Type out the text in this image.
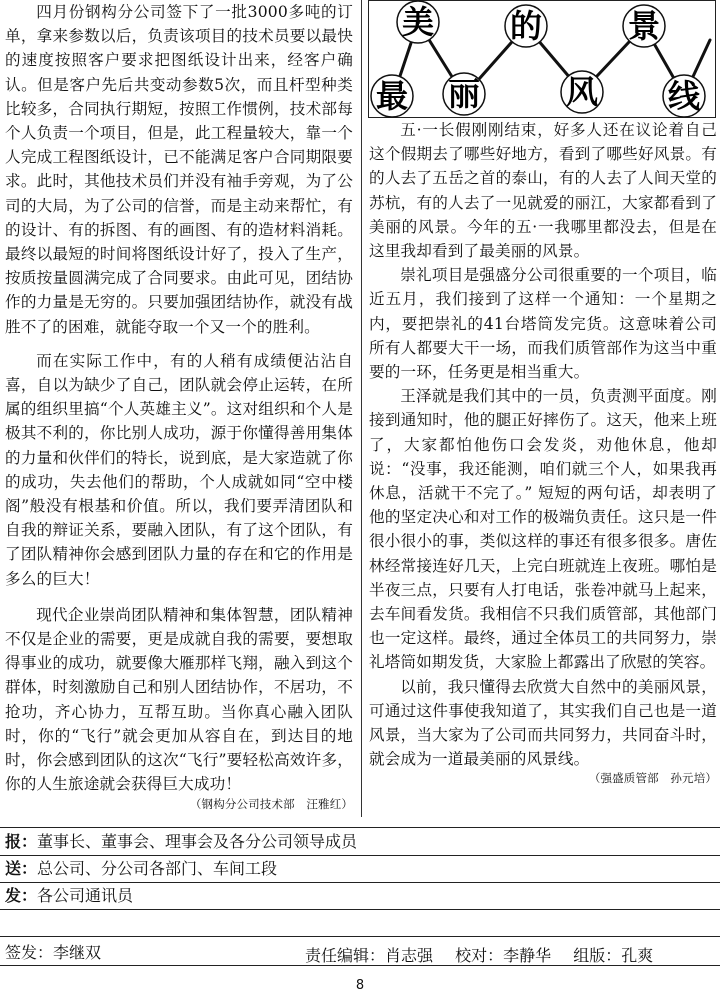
四月份钢构分公司签下了一批3000多吨的订单，拿来参数以后，负责该项目的技术员要以最快的速度按照客户要求把图纸设计出来，经客户确认。但是客户先后共变动参数5次，而且杆型种类比较多，合同执行期短，按照工作惯例，技术部每个人负责一个项目，但是，此工程量较大，靠一个人完成工程图纸设计，已不能满足客户合同期限要求。此时，其他技术员们并没有袖手旁观，为了公司的大局，为了公司的信誉，而是主动来帮忙，有的设计、有的拆图、有的画图、有的造材料消耗。最终以最短的时间将图纸设计好了，投入了生产，按质按量圆满完成了合同要求。由此可见，团结协作的力量是无穷的。只要加强团结协作，就没有战胜不了的困难，就能夺取一个又一个的胜利。

而在实际工作中，有的人稍有成绩便沾沾自喜，自以为缺少了自己，团队就会停止运转，在所属的组织里搞“个人英雄主义”。这对组织和个人是极其不利的，你比别人成功，源于你懂得善用集体的力量和伙伴们的特长，说到底，是大家造就了你的成功，失去他们的帮助，个人成就如同“空中楼阁”般没有根基和价值。所以，我们要弄清团队和自我的辩证关系，要融入团队，有了这个团队，有了团队精神你会感到团队力量的存在和它的作用是多么的巨大！

现代企业崇尚团队精神和集体智慧，团队精神不仅是企业的需要，更是成就自我的需要，要想取得事业的成功，就要像大雁那样飞翔，融入到这个群体，时刻激励自己和别人团结协作，不居功，不抢功，齐心协力，互帮互助。当你真心融入团队时，你的“飞行”就会更加从容自在，到达目的地时，你会感到团队的这次“飞行”要轻松高效许多，你的人生旅途就会获得巨大成功！

（钢构分公司技术部　汪雅红）

美 的	景
最 丽	风 线

五·一长假刚刚结束，好多人还在议论着自己这个假期去了哪些好地方，看到了哪些好风景。有的人去了五岳之首的泰山，有的人去了人间天堂的苏杭，有的人去了一见就爱的丽江，大家都看到了美丽的风景。今年的五·一我哪里都没去，但是在这里我却看到了最美丽的风景。

崇礼项目是强盛分公司很重要的一个项目，临近五月，我们接到了这样一个通知：一个星期之内，要把崇礼的41台塔筒发完货。这意味着公司所有人都要大干一场，而我们质管部作为这当中重要的一环，任务更是相当重大。

王泽就是我们其中的一员，负责测平面度。刚接到通知时，他的腿正好摔伤了。这天，他来上班了，大家都怕他伤口会发炎，劝他休息，他却说：“没事，我还能测，咱们就三个人，如果我再休息，活就干不完了。” 短短的两句话，却表明了他的坚定决心和对工作的极端负责任。这只是一件很小很小的事，类似这样的事还有很多很多。唐佐林经常接连好几天，上完白班就连上夜班。哪怕是半夜三点，只要有人打电话，张卷冲就马上起来，去车间看发货。我相信不只我们质管部，其他部门也一定这样。最终，通过全体员工的共同努力，崇礼塔筒如期发货，大家脸上都露出了欣慰的笑容。

以前，我只懂得去欣赏大自然中的美丽风景，可通过这件事使我知道了，其实我们自己也是一道风景，当大家为了公司而共同努力，共同奋斗时，就会成为一道最美丽的风景线。

（强盛质管部　孙元培）

报：董事长、董事会、理事会及各分公司领导成员
送：总公司、分公司各部门、车间工段
发：各公司通讯员
签发：李继双	责任编辑：肖志强 校对：李静华 组版：孔爽
8
